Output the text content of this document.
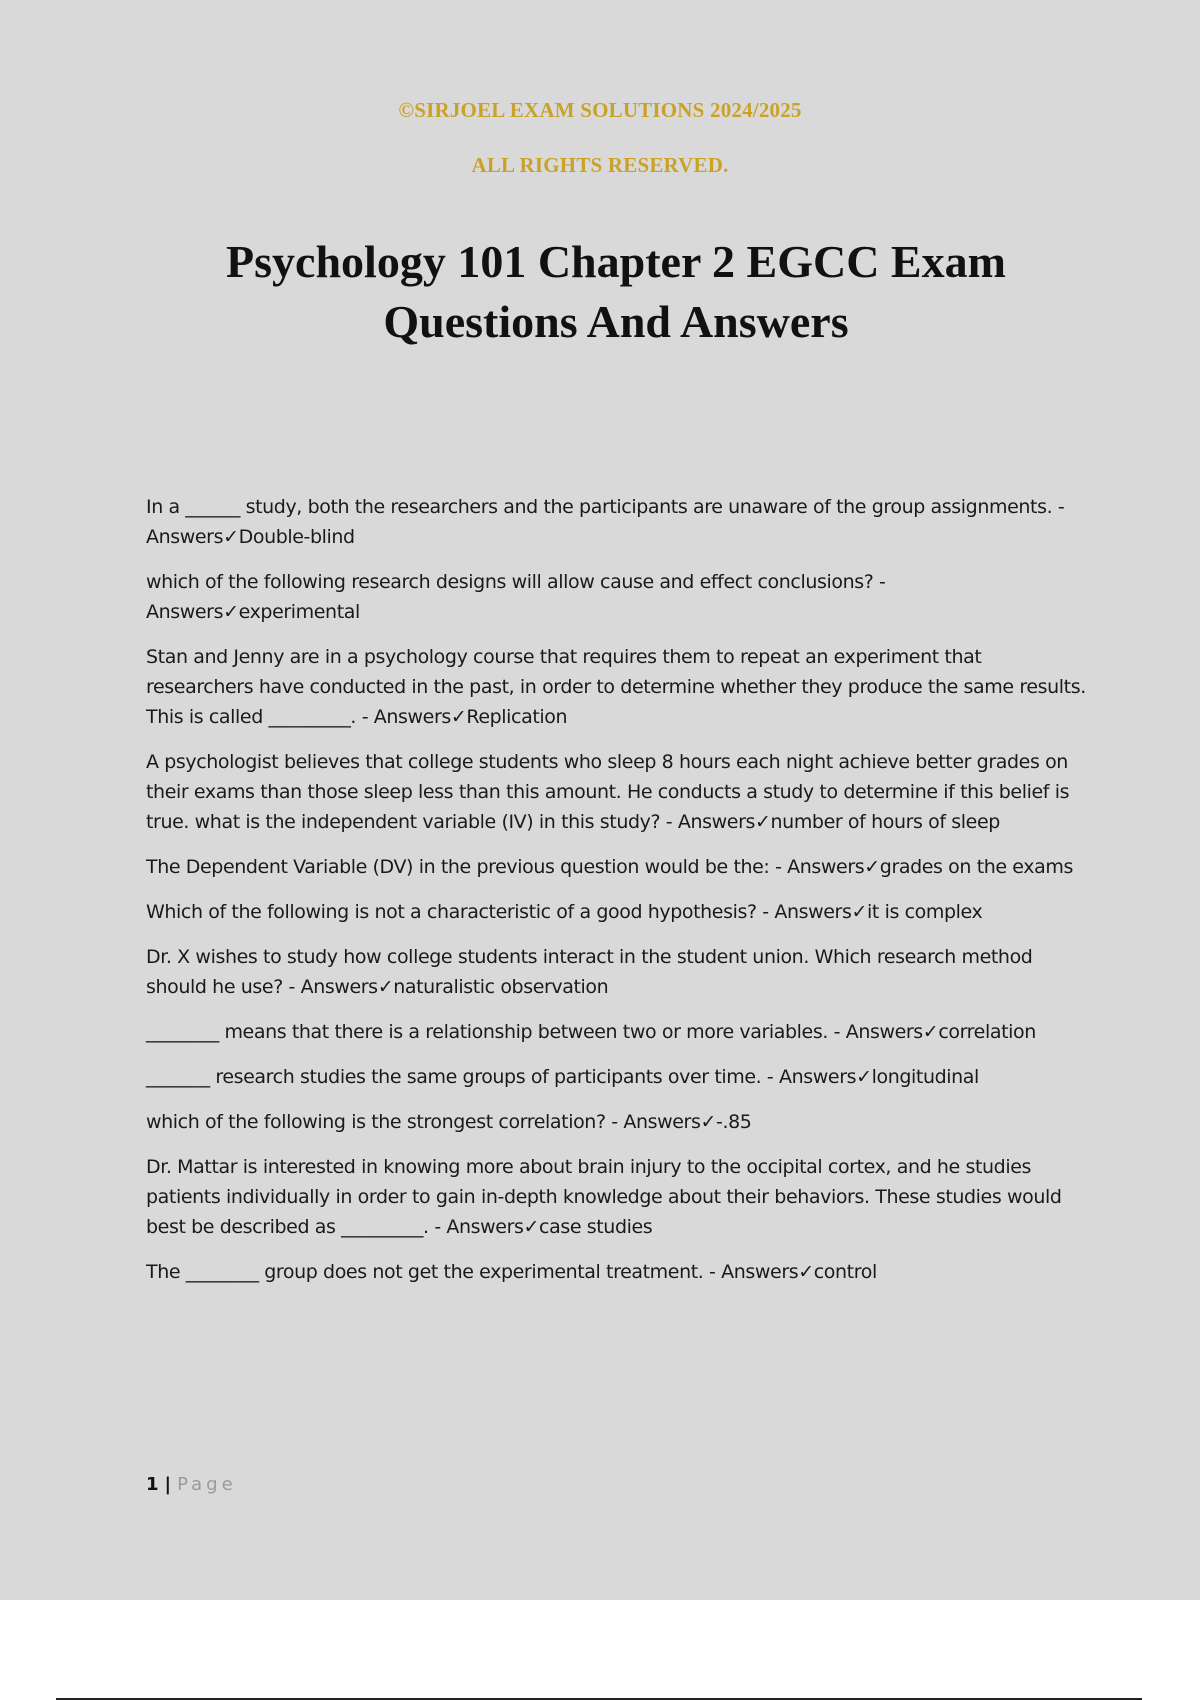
©SIRJOEL EXAM SOLUTIONS 2024/2025
ALL RIGHTS RESERVED.
Psychology 101 Chapter 2 EGCC Exam
Questions And Answers

In a ______ study, both the researchers and the participants are unaware of the group assignments. - Answers✓Double-blind

which of the following research designs will allow cause and effect conclusions? - Answers✓experimental

Stan and Jenny are in a psychology course that requires them to repeat an experiment that researchers have conducted in the past, in order to determine whether they produce the same results. This is called _________. - Answers✓Replication

A psychologist believes that college students who sleep 8 hours each night achieve better grades on their exams than those sleep less than this amount. He conducts a study to determine if this belief is true. what is the independent variable (IV) in this study? - Answers✓number of hours of sleep

The Dependent Variable (DV) in the previous question would be the: - Answers✓grades on the exams

Which of the following is not a characteristic of a good hypothesis? - Answers✓it is complex

Dr. X wishes to study how college students interact in the student union. Which research method should he use? - Answers✓naturalistic observation

________ means that there is a relationship between two or more variables. - Answers✓correlation

_______ research studies the same groups of participants over time. - Answers✓longitudinal

which of the following is the strongest correlation? - Answers✓-.85

Dr. Mattar is interested in knowing more about brain injury to the occipital cortex, and he studies patients individually in order to gain in-depth knowledge about their behaviors. These studies would best be described as _________. - Answers✓case studies

The ________ group does not get the experimental treatment. - Answers✓control

1 | Page
